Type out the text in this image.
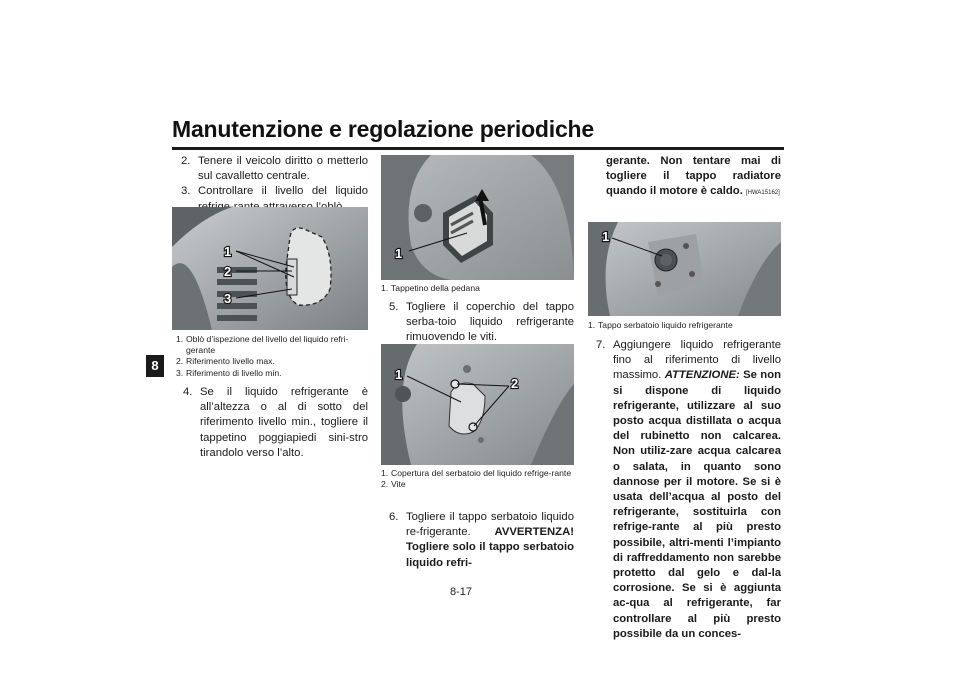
Manutenzione e regolazione periodiche
8
8-17

2. Tenere il veicolo diritto o metterlo sul cavalletto centrale.

3. Controllare il livello del liquido

1
2
3
1. Oblò d’ispezione del livello del liquido refri-gerante
2. Riferimento livello max.
3. Riferimento di livello min.

4. Se il liquido refrigerante è all’altezza o al di sotto del riferimento livello min., togliere il tappetino poggiapiedi sini-stro tirandolo verso l’alto.

1
1. Tappetino della pedana

5. Togliere il coperchio del tappo serba-toio liquido refrigerante rimuovendo le viti.

1
2
1. Copertura del serbatoio del liquido refrige-rante
2. Vite

6. Togliere il tappo serbatoio liquido re-frigerante. AVVERTENZA! Togliere solo il tappo serbatoio liquido refri-

gerante. Non tentare mai di togliere il tappo radiatore quando il motore è caldo. [HWA15162]

1
1. Tappo serbatoio liquido refrigerante

7. Aggiungere liquido refrigerante fino al riferimento di livello massimo. ATTENZIONE: Se non si dispone di liquido refrigerante, utilizzare al suo posto acqua distillata o acqua del rubinetto non calcarea. Non utiliz-zare acqua calcarea o salata, in quanto sono dannose per il motore. Se si è usata dell’acqua al posto del refrigerante, sostituirla con refrige-rante al più presto possibile, altri-menti l’impianto di raffreddamento non sarebbe protetto dal gelo e dal-la corrosione. Se si è aggiunta ac-qua al refrigerante, far controllare al più presto possibile da un conces-
